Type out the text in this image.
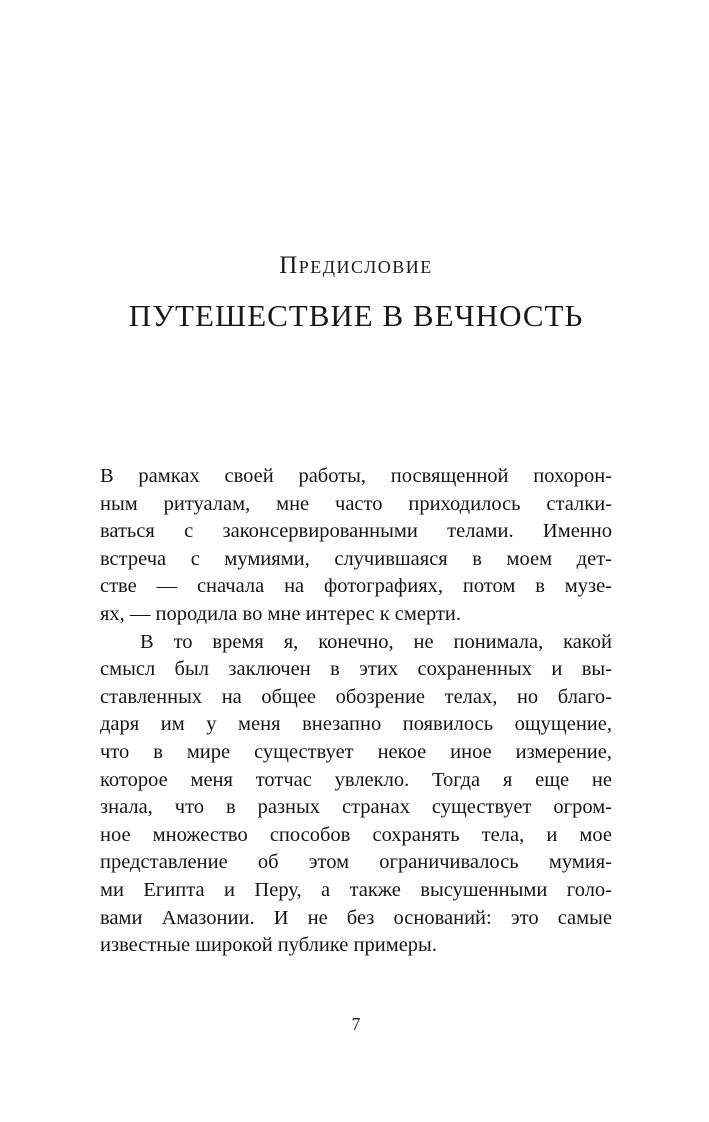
Предисловие
ПУТЕШЕСТВИЕ В ВЕЧНОСТЬ
В рамках своей работы, посвященной похорон-
ным ритуалам, мне часто приходилось сталки-
ваться с законсервированными телами. Именно
встреча с мумиями, случившаяся в моем дет-
стве — сначала на фотографиях, потом в музе-
ях, — породила во мне интерес к смерти.
В то время я, конечно, не понимала, какой
смысл был заключен в этих сохраненных и вы-
ставленных на общее обозрение телах, но благо-
даря им у меня внезапно появилось ощущение,
что в мире существует некое иное измерение,
которое меня тотчас увлекло. Тогда я еще не
знала, что в разных странах существует огром-
ное множество способов сохранять тела, и мое
представление об этом ограничивалось мумия-
ми Египта и Перу, а также высушенными голо-
вами Амазонии. И не без оснований: это самые
известные широкой публике примеры.
7
